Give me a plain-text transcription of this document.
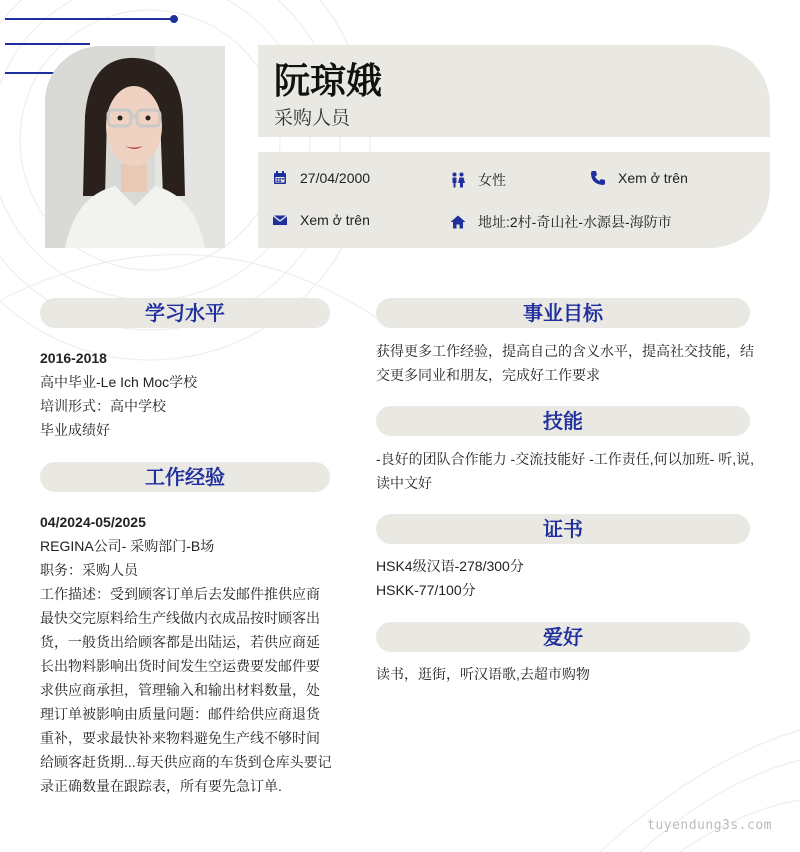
阮琼娥
采购人员
27/04/2000	女性	Xem ở trên
Xem ở trên	地址:2村-奇山社-水源县-海防市
学习水平
2016-2018
高中毕业-Le Ich Moc学校
培训形式：高中学校
毕业成绩好
工作经验
04/2024-05/2025
REGINA公司- 采购部门-B场
职务：采购人员
工作描述：受到顾客订单后去发邮件推供应商最快交完原料给生产线做内衣成品按时顾客出货，一般货出给顾客都是出陆运，若供应商延长出物料影响出货时间发生空运费要发邮件要求供应商承担，管理输入和输出材料数量，处理订单被影响由质量问题：邮件给供应商退货重补，要求最快补来物料避免生产线不够时间给顾客赶货期...每天供应商的车货到仓库头要记录正确数量在跟踪表，所有要先急订单.
事业目标
获得更多工作经验，提高自己的含义水平，提高社交技能，结交更多同业和朋友，完成好工作要求
技能
-良好的团队合作能力 -交流技能好 -工作责任,何以加班- 听,说,读中文好
证书
HSK4级汉语-278/300分
HSKK-77/100分
爱好
读书，逛街，听汉语歌,去超市购物
tuyendung3s.com
